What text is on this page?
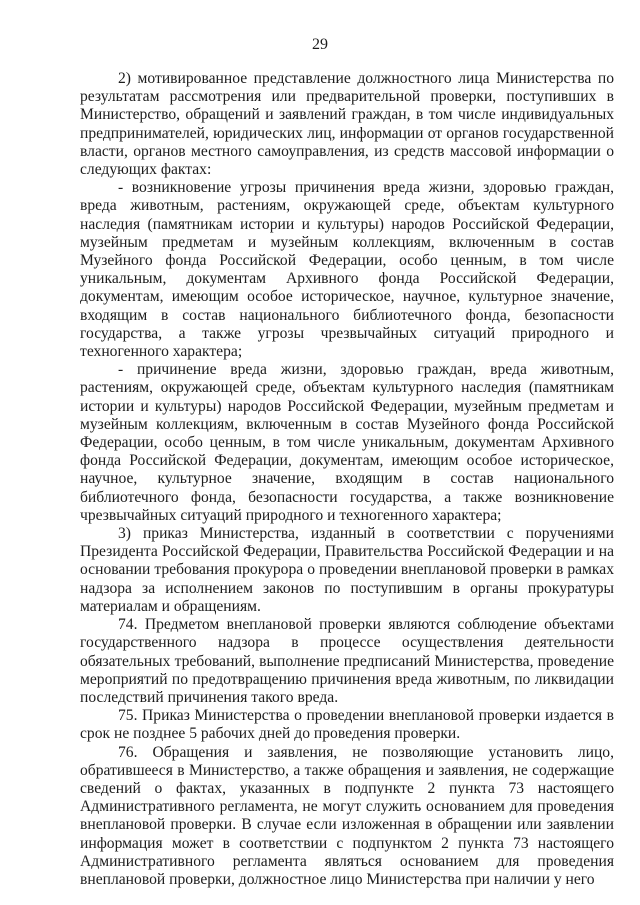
29

2) мотивированное представление должностного лица Министерства по результатам рассмотрения или предварительной проверки, поступивших в Министерство, обращений и заявлений граждан, в том числе индивидуальных предпринимателей, юридических лиц, информации от органов государственной власти, органов местного самоуправления, из средств массовой информации о следующих фактах:

- возникновение угрозы причинения вреда жизни, здоровью граждан, вреда животным, растениям, окружающей среде, объектам культурного наследия (памятникам истории и культуры) народов Российской Федерации, музейным предметам и музейным коллекциям, включенным в состав Музейного фонда Российской Федерации, особо ценным, в том числе уникальным, документам Архивного фонда Российской Федерации, документам, имеющим особое историческое, научное, культурное значение, входящим в состав национального библиотечного фонда, безопасности государства, а также угрозы чрезвычайных ситуаций природного и техногенного характера;

- причинение вреда жизни, здоровью граждан, вреда животным, растениям, окружающей среде, объектам культурного наследия (памятникам истории и культуры) народов Российской Федерации, музейным предметам и музейным коллекциям, включенным в состав Музейного фонда Российской Федерации, особо ценным, в том числе уникальным, документам Архивного фонда Российской Федерации, документам, имеющим особое историческое, научное, культурное значение, входящим в состав национального библиотечного фонда, безопасности государства, а также возникновение чрезвычайных ситуаций природного и техногенного характера;

3) приказ Министерства, изданный в соответствии с поручениями Президента Российской Федерации, Правительства Российской Федерации и на основании требования прокурора о проведении внеплановой проверки в рамках надзора за исполнением законов по поступившим в органы прокуратуры материалам и обращениям.

74. Предметом внеплановой проверки являются соблюдение объектами государственного надзора в процессе осуществления деятельности обязательных требований, выполнение предписаний Министерства, проведение мероприятий по предотвращению причинения вреда животным, по ликвидации последствий причинения такого вреда.

75. Приказ Министерства о проведении внеплановой проверки издается в срок не позднее 5 рабочих дней до проведения проверки.

76. Обращения и заявления, не позволяющие установить лицо, обратившееся в Министерство, а также обращения и заявления, не содержащие сведений о фактах, указанных в подпункте 2 пункта 73 настоящего Административного регламента, не могут служить основанием для проведения внеплановой проверки. В случае если изложенная в обращении или заявлении информация может в соответствии с подпунктом 2 пункта 73 настоящего Административного регламента являться основанием для проведения внеплановой проверки, должностное лицо Министерства при наличии у него
